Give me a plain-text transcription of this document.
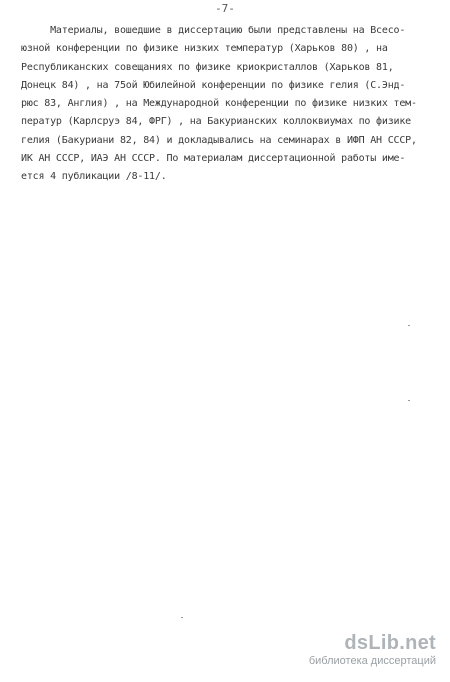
-7-
Материалы, вошедшие в диссертацию были представлены на Всесо-
юзной конференции по физике низких температур (Харьков 80) , на
Республиканских совещаниях по физике криокристаллов (Харьков 81,
Донецк 84) , на 75ой Юбилейной конференции по физике гелия (С.Энд-
рюс 83, Англия) , на Международной конференции по физике низких тем-
ператур (Карлсруэ 84, ФРГ) , на Бакурианских коллоквиумах по физике
гелия (Бакуриани 82, 84) и докладывались на семинарах в ИФП АН СССР,
ИК АН СССР, ИАЭ АН СССР. По материалам диссертационной работы име-
ется 4 публикации /8-11/.
dsLib.net
библиотека диссертаций
